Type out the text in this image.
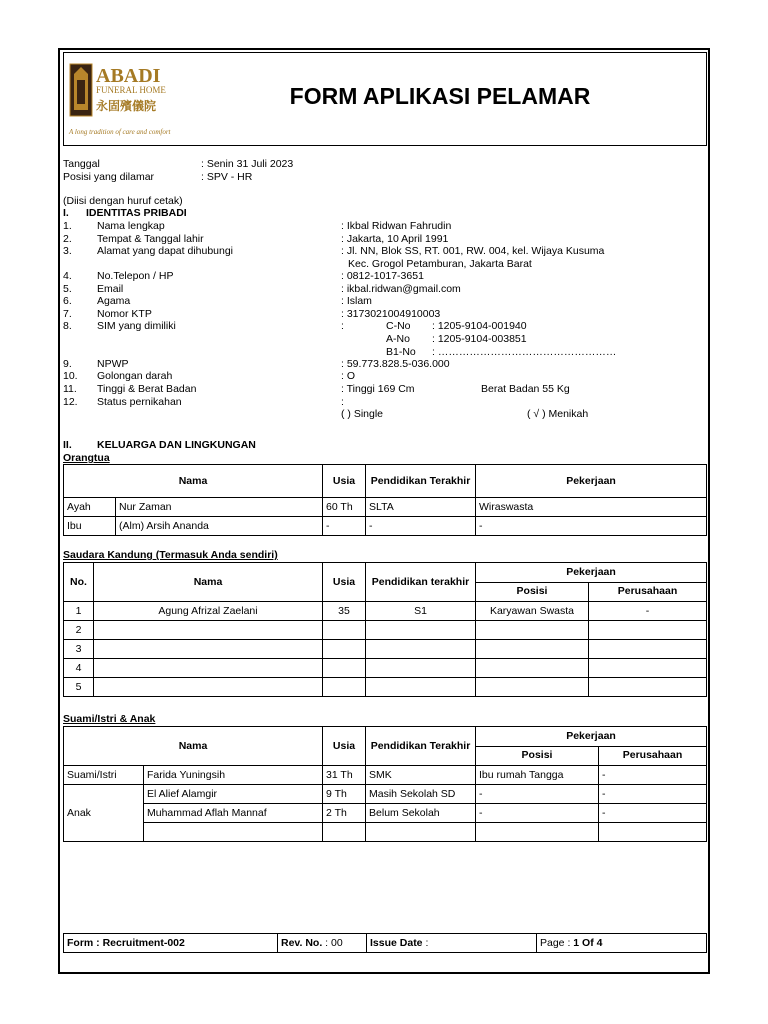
ABADI
FUNERAL HOME
永固殯儀院
A long tradition of care and comfort
FORM APLIKASI PELAMAR
Tanggal	: Senin 31 Juli 2023
Posisi yang dilamar	: SPV - HR
(Diisi dengan huruf cetak)
I. IDENTITAS PRIBADI
1. Nama lengkap	: Ikbal Ridwan Fahrudin
2. Tempat & Tanggal lahir	: Jakarta, 10 April 1991
3. Alamat yang dapat dihubungi	: Jl. NN, Blok SS, RT. 001, RW. 004, kel. Wijaya Kusuma
Kec. Grogol Petamburan, Jakarta Barat
4. No.Telepon / HP	: 0812-1017-3651
5. Email	: ikbal.ridwan@gmail.com
6. Agama	: Islam
7. Nomor KTP	: 3173021004910003
8. SIM yang dimiliki	:	C-No : 1205-9104-001940
A-No : 1205-9104-003851
B1-No : ……………………………………………
9. NPWP	: 59.773.828.5-036.000
10. Golongan darah	: O
11. Tinggi & Berat Badan	: Tinggi 169 Cm	Berat Badan 55 Kg
12. Status pernikahan	:
( ) Single	( √ ) Menikah
II. KELUARGA DAN LINGKUNGAN
Orangtua
Nama		Usia	Pendidikan Terakhir	Pekerjaan
Ayah	Nur Zaman	60 Th	SLTA	Wiraswasta
Ibu	(Alm) Arsih Ananda	-	-	-
Saudara Kandung (Termasuk Anda sendiri)
No.	Nama	Usia	Pendidikan terakhir	Pekerjaan	
				Posisi	Perusahaan
1	Agung Afrizal Zaelani	35	S1	Karyawan Swasta	-
2					
3					
4					
5					
Suami/Istri & Anak
Nama		Usia	Pendidikan Terakhir	Pekerjaan	
				Posisi	Perusahaan
Suami/Istri	Farida Yuningsih	31 Th	SMK	Ibu rumah Tangga	-
Anak	El Alief Alamgir	9 Th	Masih Sekolah SD	-	-
	Muhammad Aflah Mannaf	2 Th	Belum Sekolah	-	-

Form : Recruitment-002	Rev. No. : 00	Issue Date :	Page : 1 Of 4
